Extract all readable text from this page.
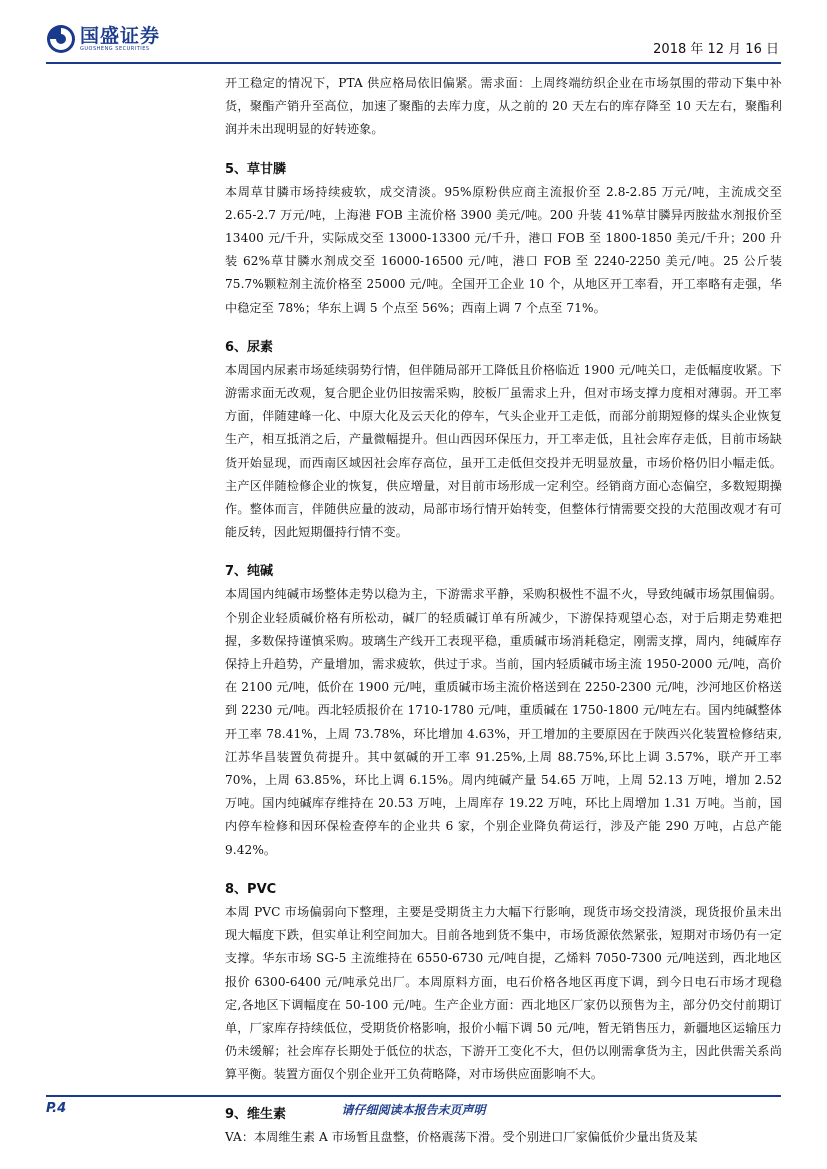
国盛证券
GUOSHENG SECURITIES	2018 年 12 月 16 日

开工稳定的情况下，PTA 供应格局依旧偏紧。需求面：上周终端纺织企业在市场氛围的带动下集中补货，聚酯产销升至高位，加速了聚酯的去库力度，从之前的 20 天左右的库存降至 10 天左右，聚酯利润并未出现明显的好转迹象。

5、草甘膦

本周草甘膦市场持续疲软，成交清淡。95%原粉供应商主流报价至 2.8-2.85 万元/吨，主流成交至 2.65-2.7 万元/吨，上海港 FOB 主流价格 3900 美元/吨。200 升装 41%草甘膦异丙胺盐水剂报价至 13400 元/千升，实际成交至 13000-13300 元/千升，港口 FOB 至 1800-1850 美元/千升；200 升装 62%草甘膦水剂成交至 16000-16500 元/吨，港口 FOB 至 2240-2250 美元/吨。25 公斤装 75.7%颗粒剂主流价格至 25000 元/吨。全国开工企业 10 个，从地区开工率看，开工率略有走强，华中稳定至 78%；华东上调 5 个点至 56%；西南上调 7 个点至 71%。

6、尿素

本周国内尿素市场延续弱势行情，但伴随局部开工降低且价格临近 1900 元/吨关口，走低幅度收紧。下游需求面无改观，复合肥企业仍旧按需采购，胶板厂虽需求上升，但对市场支撑力度相对薄弱。开工率方面，伴随建峰一化、中原大化及云天化的停车，气头企业开工走低，而部分前期短修的煤头企业恢复生产，相互抵消之后，产量微幅提升。但山西因环保压力，开工率走低，且社会库存走低，目前市场缺货开始显现，而西南区域因社会库存高位，虽开工走低但交投并无明显放量，市场价格仍旧小幅走低。主产区伴随检修企业的恢复，供应增量，对目前市场形成一定利空。经销商方面心态偏空，多数短期操作。整体而言，伴随供应量的波动，局部市场行情开始转变，但整体行情需要交投的大范围改观才有可能反转，因此短期僵持行情不变。

7、纯碱

本周国内纯碱市场整体走势以稳为主，下游需求平静，采购积极性不温不火，导致纯碱市场氛围偏弱。个别企业轻质碱价格有所松动，碱厂的轻质碱订单有所减少，下游保持观望心态，对于后期走势难把握，多数保持谨慎采购。玻璃生产线开工表现平稳，重质碱市场消耗稳定，刚需支撑，周内，纯碱库存保持上升趋势，产量增加，需求疲软，供过于求。当前，国内轻质碱市场主流 1950-2000 元/吨，高价在 2100 元/吨，低价在 1900 元/吨，重质碱市场主流价格送到在 2250-2300 元/吨，沙河地区价格送到 2230 元/吨。西北轻质报价在 1710-1780 元/吨，重质碱在 1750-1800 元/吨左右。国内纯碱整体开工率 78.41%，上周 73.78%，环比增加 4.63%，开工增加的主要原因在于陕西兴化装置检修结束,江苏华昌装置负荷提升。其中氨碱的开工率 91.25%,上周 88.75%,环比上调 3.57%，联产开工率 70%，上周 63.85%，环比上调 6.15%。周内纯碱产量 54.65 万吨，上周 52.13 万吨，增加 2.52 万吨。国内纯碱库存维持在 20.53 万吨，上周库存 19.22 万吨，环比上周增加 1.31 万吨。当前，国内停车检修和因环保检查停车的企业共 6 家，个别企业降负荷运行，涉及产能 290 万吨，占总产能 9.42%。

8、PVC

本周 PVC 市场偏弱向下整理，主要是受期货主力大幅下行影响，现货市场交投清淡，现货报价虽未出现大幅度下跌，但实单让利空间加大。目前各地到货不集中，市场货源依然紧张，短期对市场仍有一定支撑。华东市场 SG-5 主流维持在 6550-6730 元/吨自提，乙烯料 7050-7300 元/吨送到，西北地区报价 6300-6400 元/吨承兑出厂。本周原料方面，电石价格各地区再度下调，到今日电石市场才现稳定,各地区下调幅度在 50-100 元/吨。生产企业方面：西北地区厂家仍以预售为主，部分仍交付前期订单，厂家库存持续低位，受期货价格影响，报价小幅下调 50 元/吨，暂无销售压力，新疆地区运输压力仍未缓解；社会库存长期处于低位的状态，下游开工变化不大，但仍以刚需拿货为主，因此供需关系尚算平衡。装置方面仅个别企业开工负荷略降，对市场供应面影响不大。

9、维生素

VA：本周维生素 A 市场暂且盘整，价格震荡下滑。受个别进口厂家偏低价少量出货及某

请仔细阅读本报告末页声明
P.4
